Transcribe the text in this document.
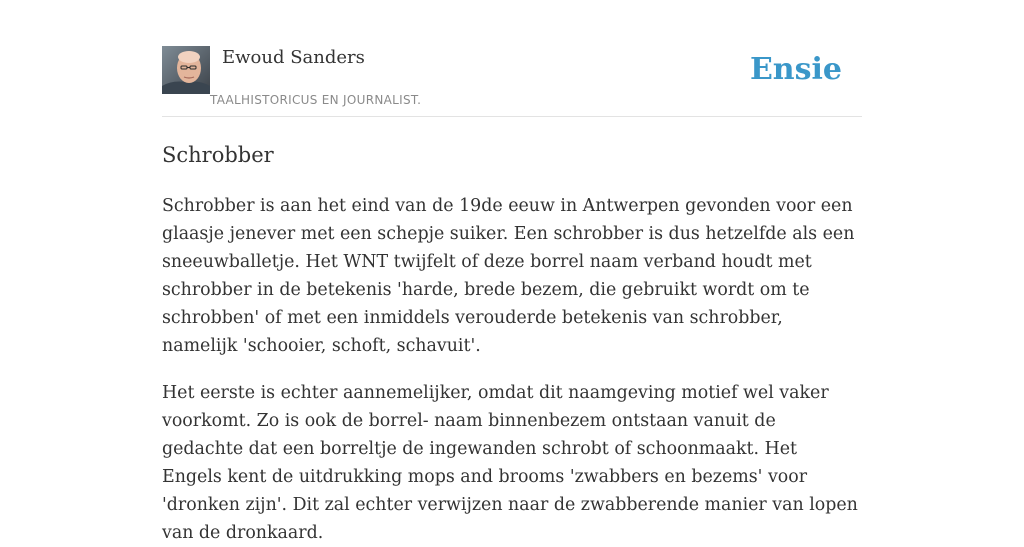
Ewoud Sanders
TAALHISTORICUS EN JOURNALIST.
Ensie
Schrobber

Schrobber is aan het eind van de 19de eeuw in Antwerpen gevonden voor een glaasje jenever met een schepje suiker. Een schrobber is dus hetzelfde als een sneeuwballetje. Het WNT twijfelt of deze borrel naam verband houdt met schrobber in de betekenis 'harde, brede bezem, die gebruikt wordt om te schrobben' of met een inmiddels verouderde betekenis van schrobber, namelijk 'schooier, schoft, schavuit'.

Het eerste is echter aannemelijker, omdat dit naamgeving motief wel vaker voorkomt. Zo is ook de borrel- naam binnenbezem ontstaan vanuit de gedachte dat een borreltje de ingewanden schrobt of schoonmaakt. Het Engels kent de uitdrukking mops and brooms 'zwabbers en bezems' voor 'dronken zijn'. Dit zal echter verwijzen naar de zwabberende manier van lopen van de dronkaard.
